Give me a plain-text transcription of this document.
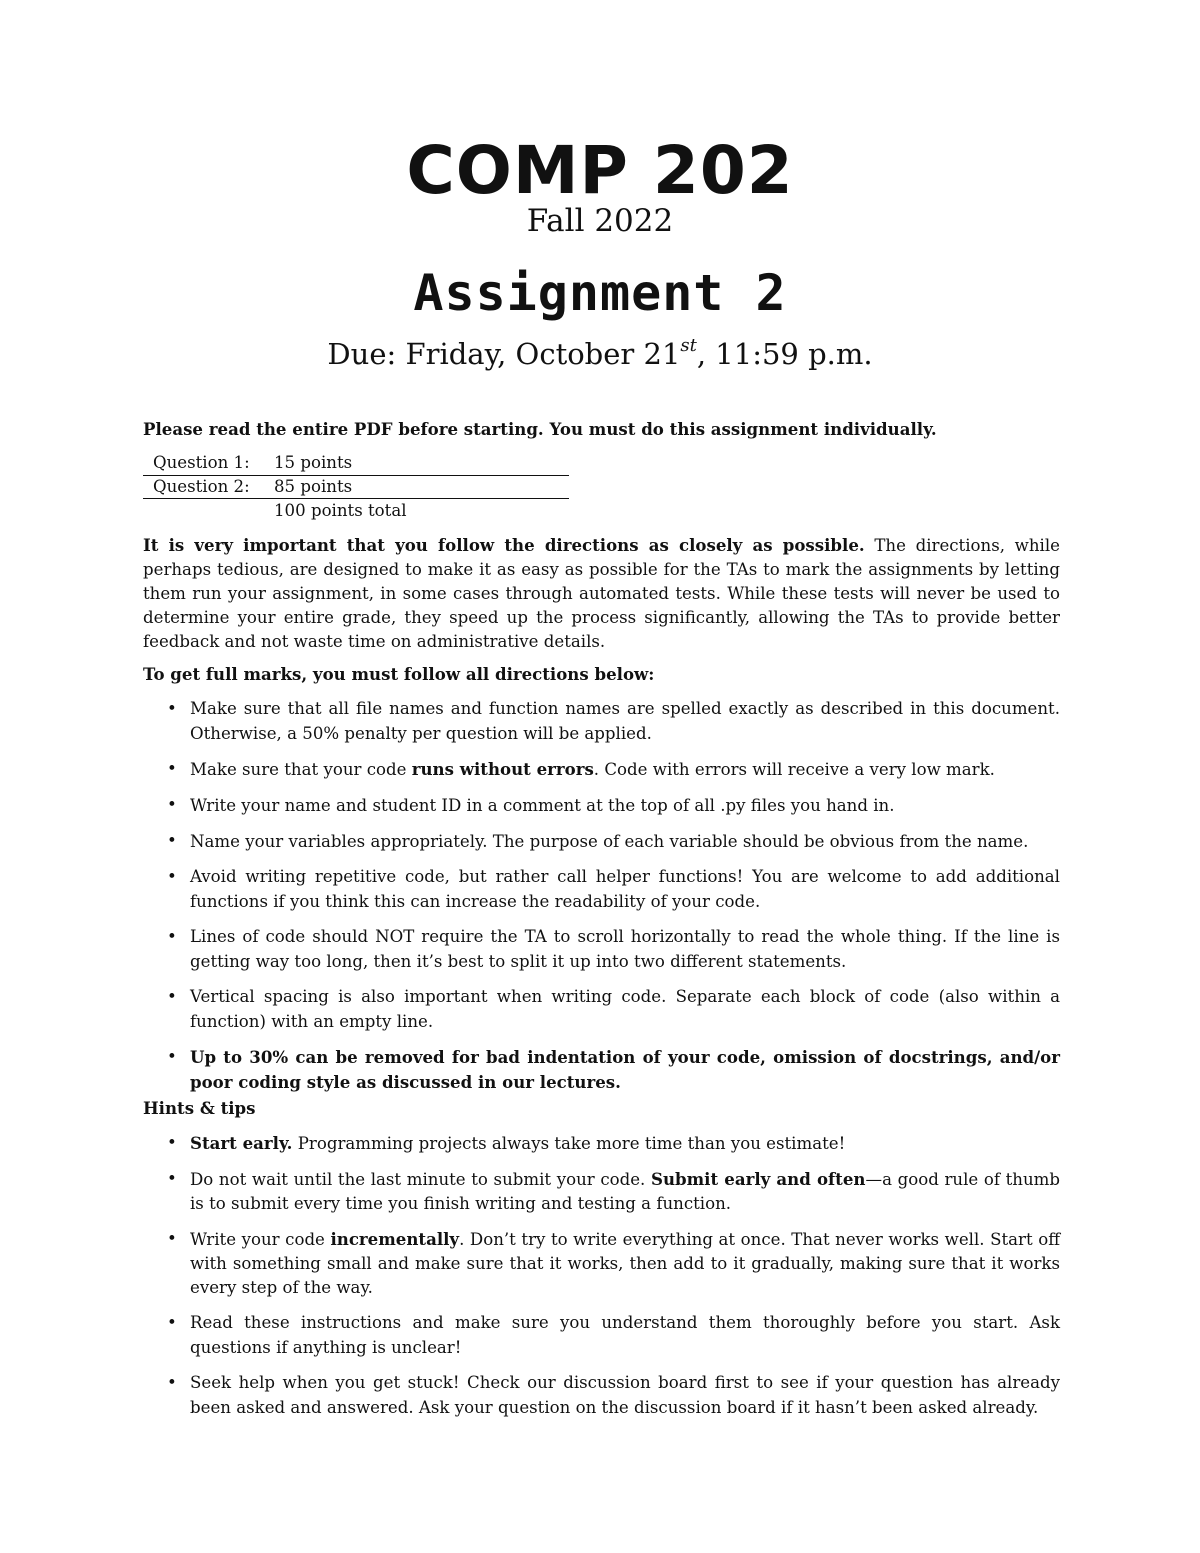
COMP 202
Fall 2022
Assignment 2
Due: Friday, October 21st, 11:59 p.m.
Please read the entire PDF before starting. You must do this assignment individually.
Question 1: 15 points
Question 2: 85 points
100 points total
It is very important that you follow the directions as closely as possible. The directions, while perhaps tedious, are designed to make it as easy as possible for the TAs to mark the assignments by letting them run your assignment, in some cases through automated tests. While these tests will never be used to determine your entire grade, they speed up the process significantly, allowing the TAs to provide better feedback and not waste time on administrative details.
To get full marks, you must follow all directions below:
• Make sure that all file names and function names are spelled exactly as described in this document. Otherwise, a 50% penalty per question will be applied.
• Make sure that your code runs without errors. Code with errors will receive a very low mark.
• Write your name and student ID in a comment at the top of all .py files you hand in.
• Name your variables appropriately. The purpose of each variable should be obvious from the name.
• Avoid writing repetitive code, but rather call helper functions! You are welcome to add additional functions if you think this can increase the readability of your code.
• Lines of code should NOT require the TA to scroll horizontally to read the whole thing. If the line is getting way too long, then it’s best to split it up into two different statements.
• Vertical spacing is also important when writing code. Separate each block of code (also within a function) with an empty line.
• Up to 30% can be removed for bad indentation of your code, omission of docstrings, and/or poor coding style as discussed in our lectures.
Hints & tips
• Start early. Programming projects always take more time than you estimate!
• Do not wait until the last minute to submit your code. Submit early and often—a good rule of thumb is to submit every time you finish writing and testing a function.
• Write your code incrementally. Don’t try to write everything at once. That never works well. Start off with something small and make sure that it works, then add to it gradually, making sure that it works every step of the way.
• Read these instructions and make sure you understand them thoroughly before you start. Ask questions if anything is unclear!
• Seek help when you get stuck! Check our discussion board first to see if your question has already been asked and answered. Ask your question on the discussion board if it hasn’t been asked already.
